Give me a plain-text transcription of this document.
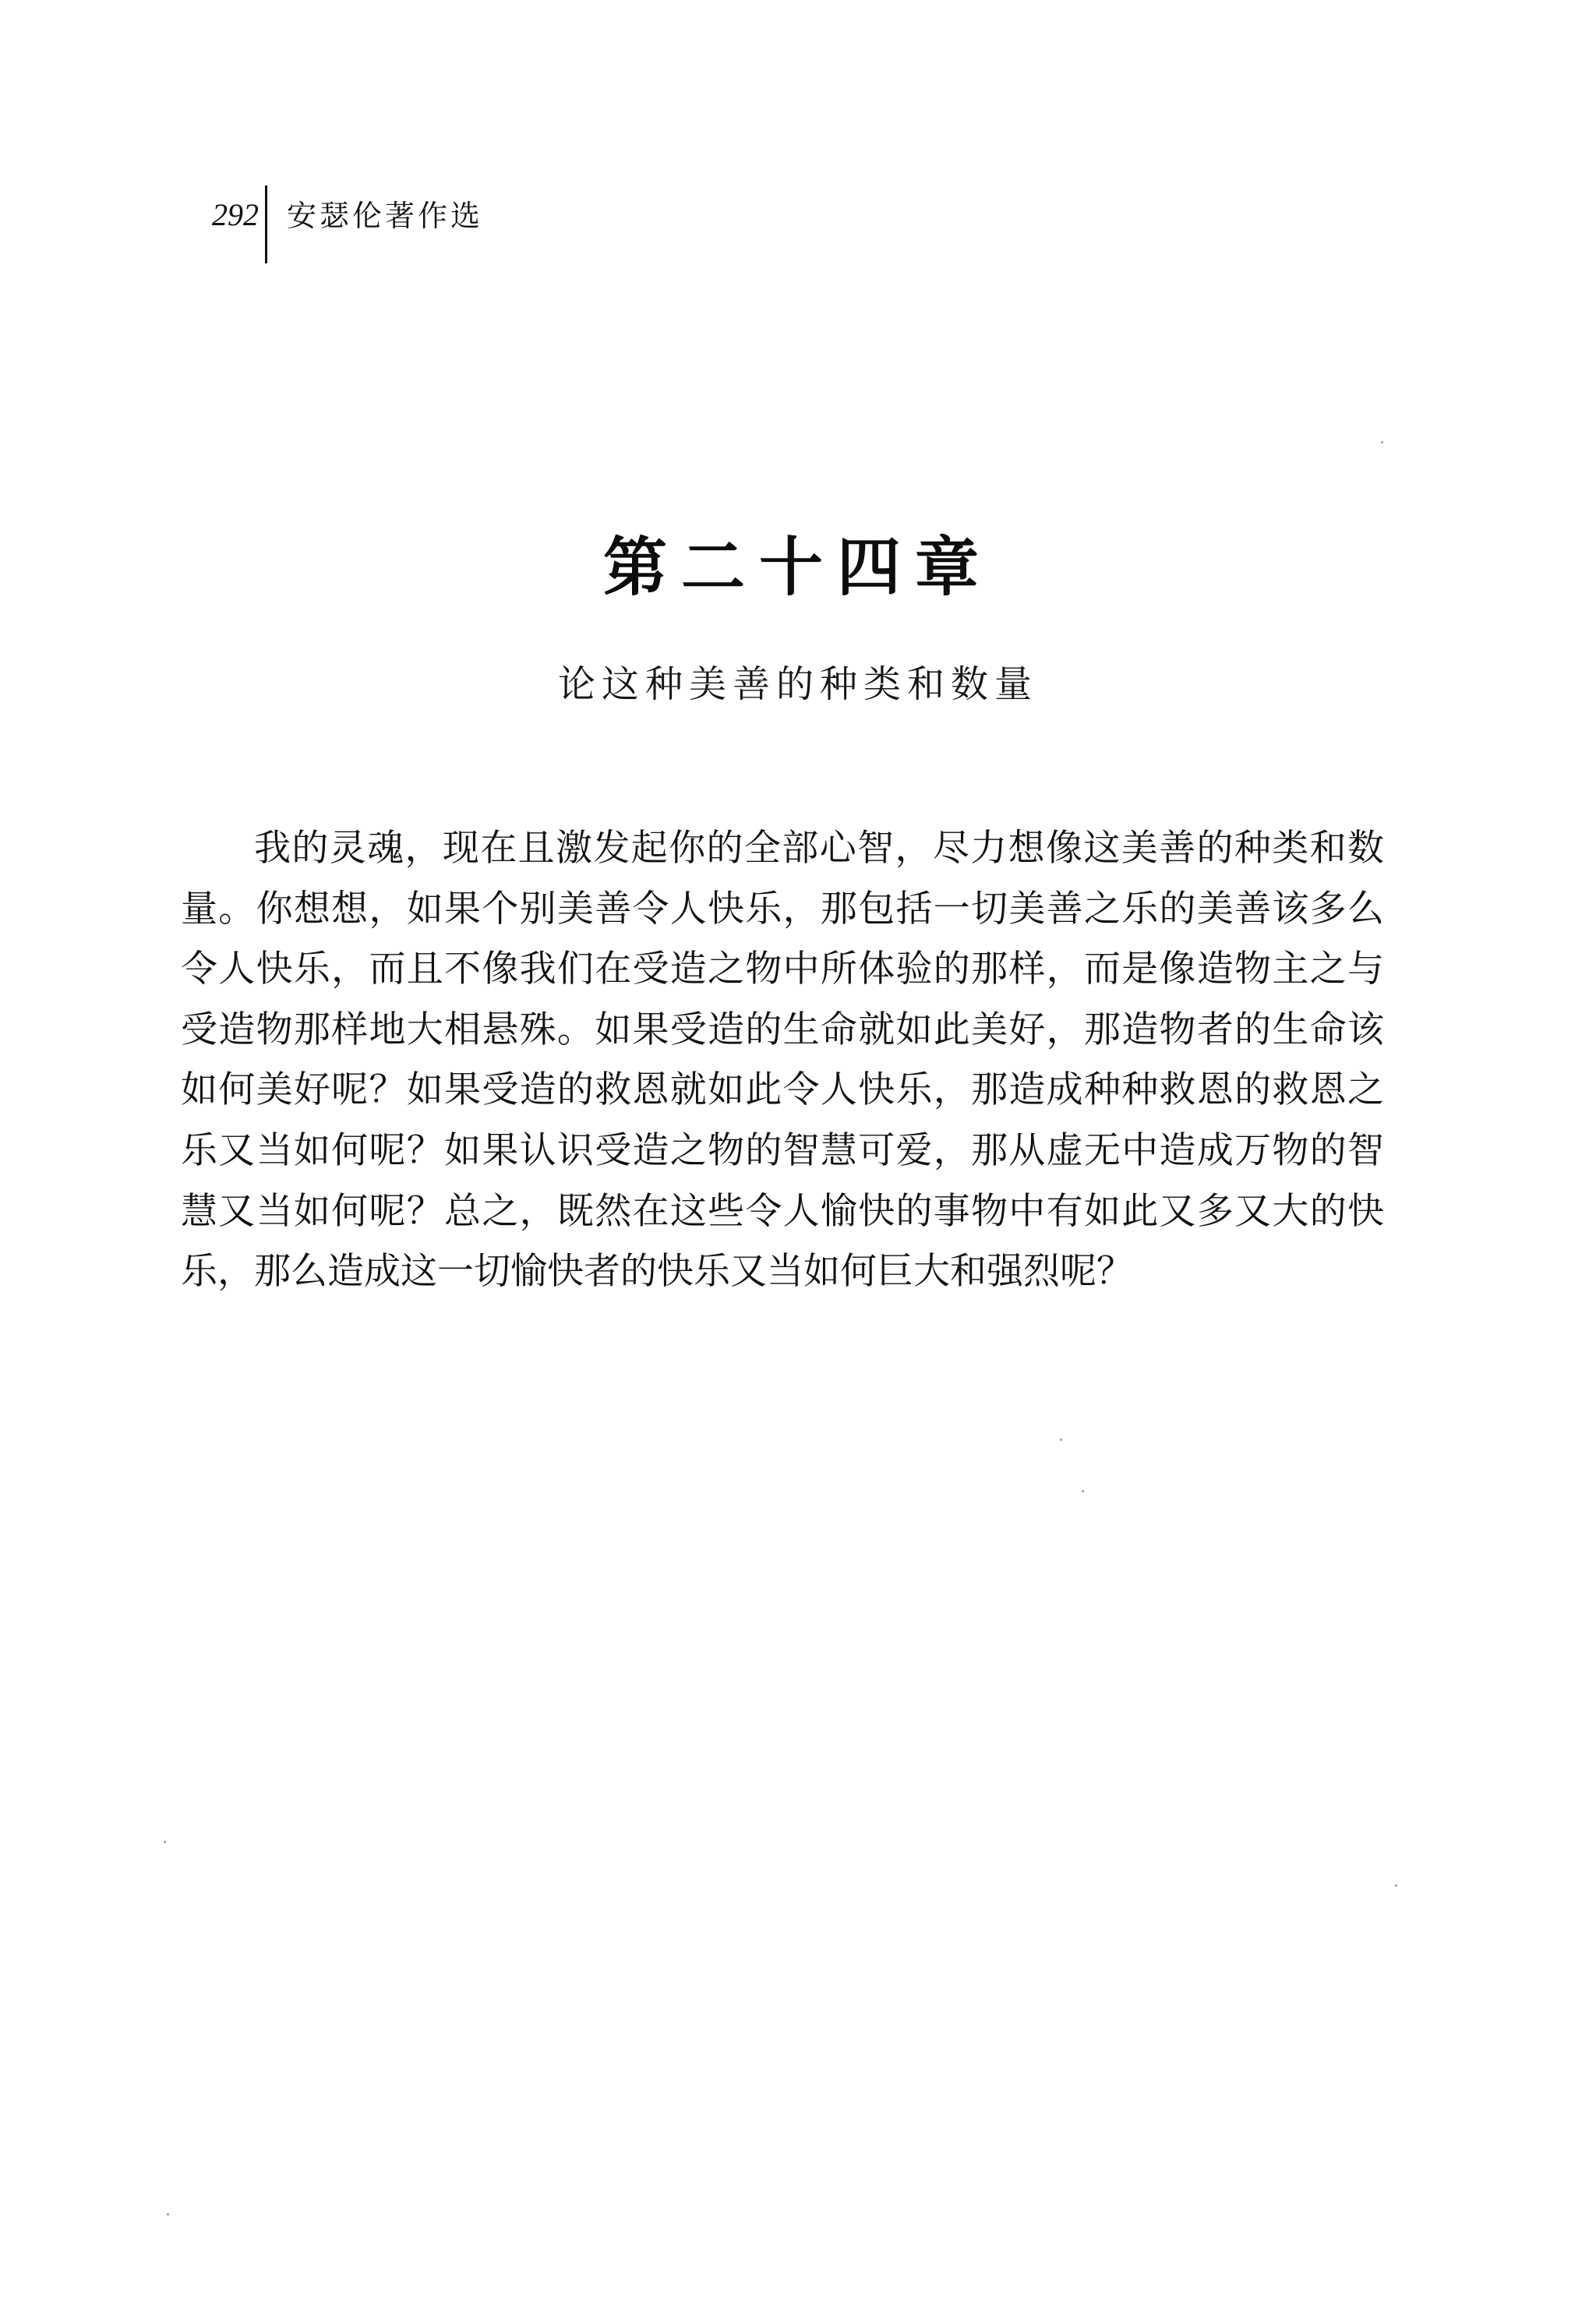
292 安瑟伦著作选
第二十四章
论这种美善的种类和数量

我的灵魂，现在且激发起你的全部心智，尽力想像这美善的种类和数量。你想想，如果个别美善令人快乐，那包括一切美善之乐的美善该多么令人快乐，而且不像我们在受造之物中所体验的那样，而是像造物主之与受造物那样地大相悬殊。如果受造的生命就如此美好，那造物者的生命该如何美好呢？如果受造的救恩就如此令人快乐，那造成种种救恩的救恩之乐又当如何呢？如果认识受造之物的智慧可爱，那从虚无中造成万物的智慧又当如何呢？总之，既然在这些令人愉快的事物中有如此又多又大的快乐，那么造成这一切愉快者的快乐又当如何巨大和强烈呢？
